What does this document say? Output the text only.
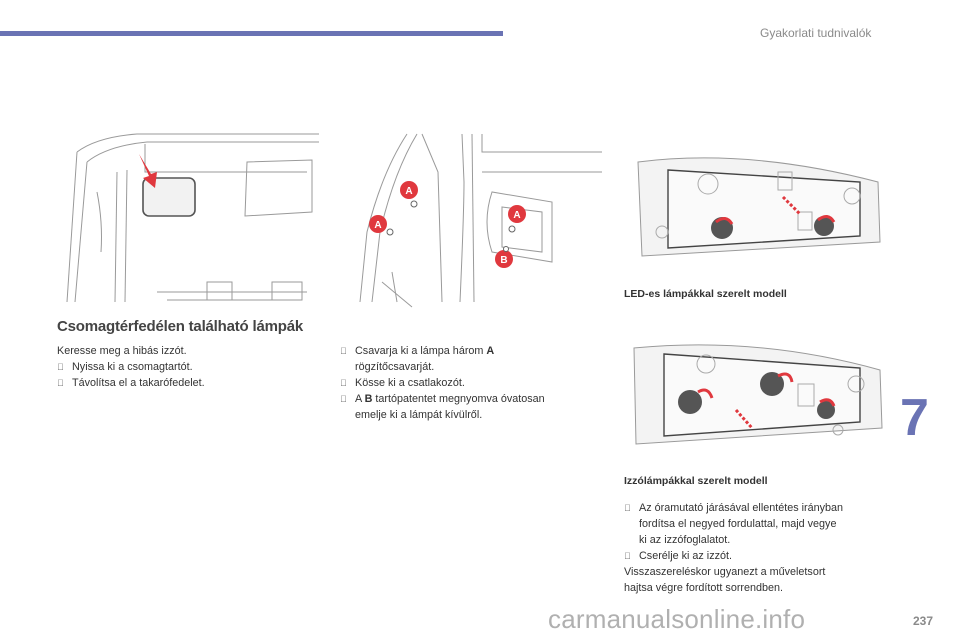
Gyakorlati tudnivalók
7
A
A
A
B
Csomagtérfedélen található lámpák
Keresse meg a hibás izzót.
Nyissa ki a csomagtartót.
Távolítsa el a takarófedelet.
Csavarja ki a lámpa három A
rögzítőcsavarját.
Kösse ki a csatlakozót.
A B tartópatentet megnyomva óvatosan
emelje ki a lámpát kívülről.
LED-es lámpákkal szerelt modell
Izzólámpákkal szerelt modell
Az óramutató járásával ellentétes irányban
fordítsa el negyed fordulattal, majd vegye
ki az izzófoglalatot.
Cserélje ki az izzót.
Visszaszereléskor ugyanezt a műveletsort
hajtsa végre fordított sorrendben.
carmanualsonline.info	237
